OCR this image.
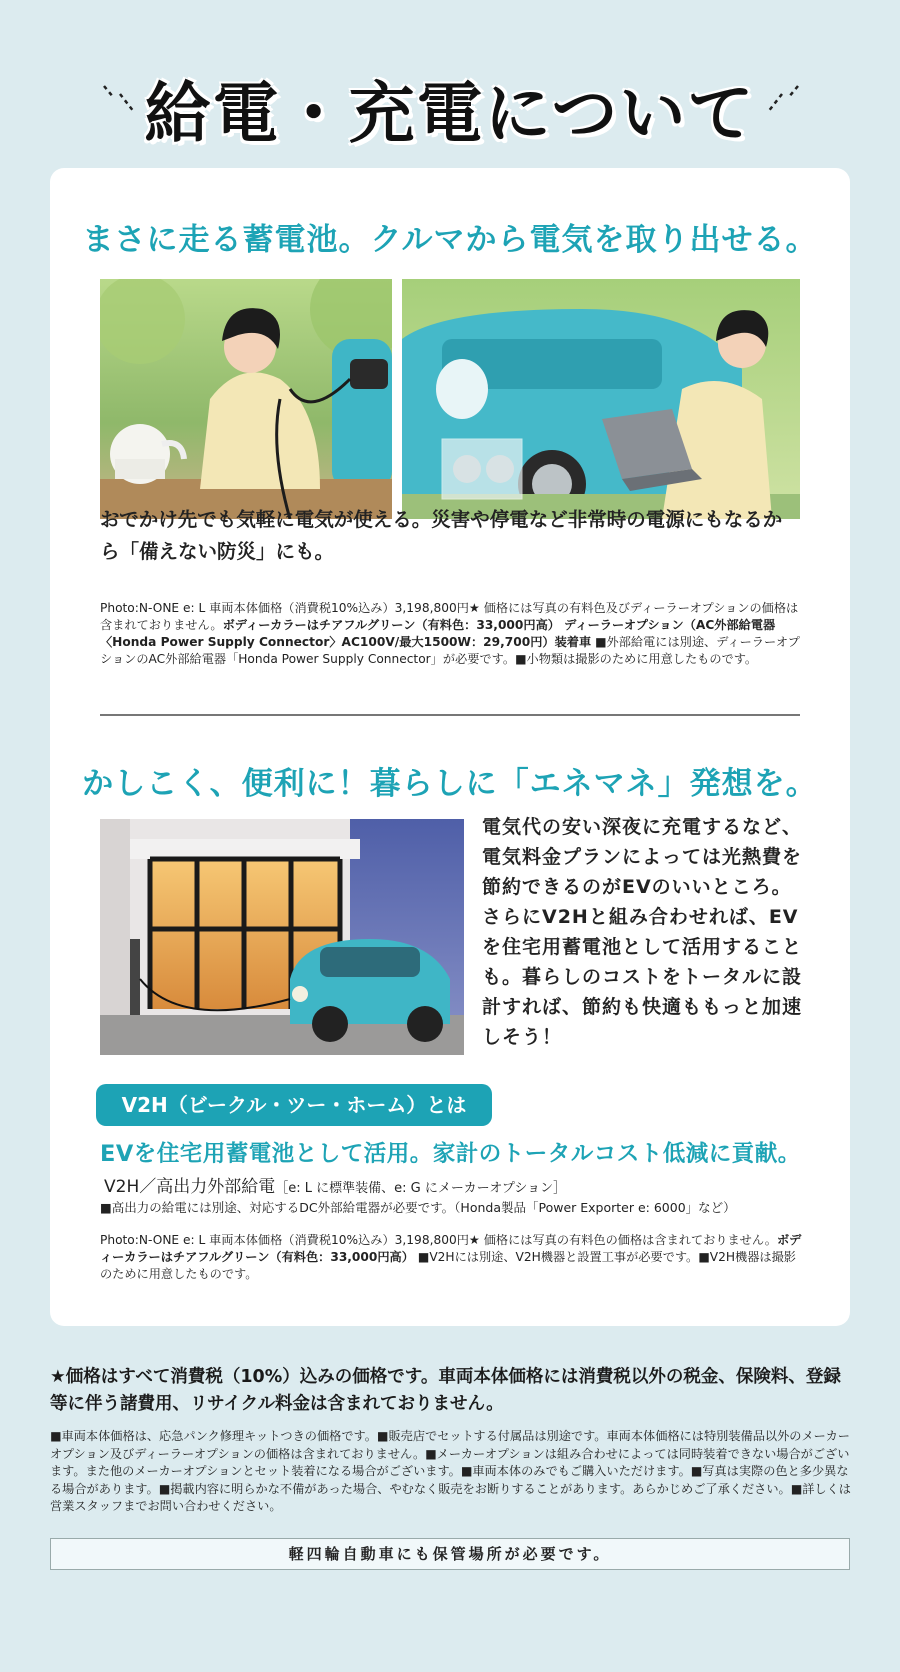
給電・充電について
まさに走る蓄電池。クルマから電気を取り出せる。
おでかけ先でも気軽に電気が使える。災害や停電など非常時の電源にもなるから「備えない防災」にも。
Photo:N-ONE e: L 車両本体価格（消費税10%込み）3,198,800円★ 価格には写真の有料色及びディーラーオプションの価格は含まれておりません。ボディーカラーはチアフルグリーン（有料色：33,000円高） ディーラーオプション（AC外部給電器〈Honda Power Supply Connector〉AC100V/最大1500W：29,700円）装着車 ■外部給電には別途、ディーラーオプションのAC外部給電器「Honda Power Supply Connector」が必要です。■小物類は撮影のために用意したものです。
かしこく、便利に！暮らしに「エネマネ」発想を。
電気代の安い深夜に充電するなど、電気料金プランによっては光熱費を節約できるのがEVのいいところ。さらにV2Hと組み合わせれば、EVを住宅用蓄電池として活用することも。暮らしのコストをトータルに設計すれば、節約も快適ももっと加速しそう！
V2H（ビークル・ツー・ホーム）とは
EVを住宅用蓄電池として活用。家計のトータルコスト低減に貢献。
V2H／高出力外部給電［e: L に標準装備、e: G にメーカーオプション］
■高出力の給電には別途、対応するDC外部給電器が必要です。（Honda製品「Power Exporter e: 6000」など）
Photo:N-ONE e: L 車両本体価格（消費税10%込み）3,198,800円★ 価格には写真の有料色の価格は含まれておりません。ボディーカラーはチアフルグリーン（有料色：33,000円高） ■V2Hには別途、V2H機器と設置工事が必要です。■V2H機器は撮影のために用意したものです。
★価格はすべて消費税（10%）込みの価格です。車両本体価格には消費税以外の税金、保険料、登録等に伴う諸費用、リサイクル料金は含まれておりません。
■車両本体価格は、応急パンク修理キットつきの価格です。■販売店でセットする付属品は別途です。車両本体価格には特別装備品以外のメーカーオプション及びディーラーオプションの価格は含まれておりません。■メーカーオプションは組み合わせによっては同時装着できない場合がございます。また他のメーカーオプションとセット装着になる場合がございます。■車両本体のみでもご購入いただけます。■写真は実際の色と多少異なる場合があります。■掲載内容に明らかな不備があった場合、やむなく販売をお断りすることがあります。あらかじめご了承ください。■詳しくは営業スタッフまでお問い合わせください。
軽四輪自動車にも保管場所が必要です。
